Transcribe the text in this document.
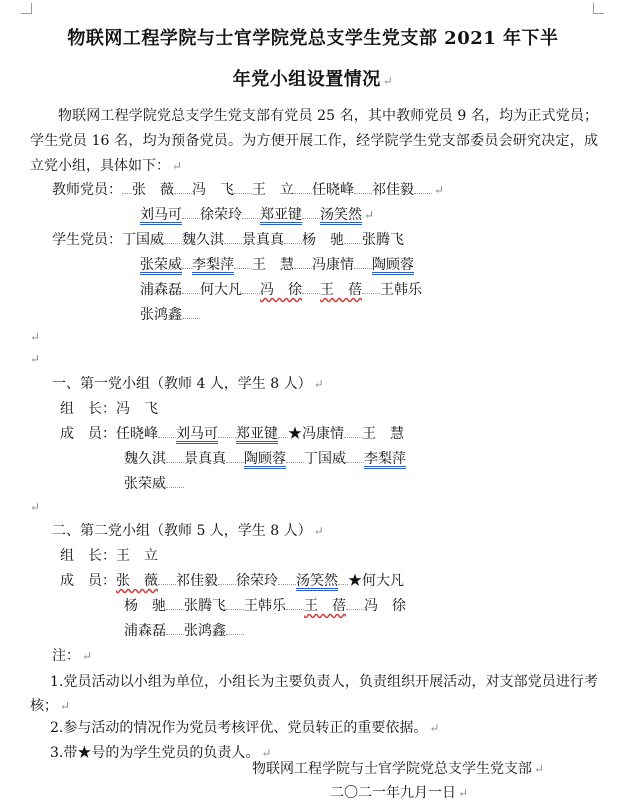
物联网工程学院与士官学院党总支学生党支部 2021 年下半
年党小组设置情况 ↵
物联网工程学院党总支学生党支部有党员 25 名，其中教师党员 9 名，均为正式党员；学生党员 16 名，均为预备党员。为方便开展工作，经学院学生党支部委员会研究决定，成立党小组，具体如下： ↵
教师党员： 张　薇 冯　飞 王　立 任晓峰 祁佳毅 ↵
刘马可 徐荣玲 郑亚键 汤笑然 ↵
学生党员：丁国威 魏久淇 景真真 杨　驰 张腾飞
张荣威 李梨萍 王　慧 冯康情 陶顾蓉
浦森磊 何大凡 冯　徐 王　蓓 王韩乐
张鸿鑫
↵
↵
一、第一党小组（教师 4 人，学生 8 人） ↵
组　长：冯　飞
成　员：任晓峰 刘马可 郑亚键 ★冯康情 王　慧
魏久淇 景真真 陶顾蓉 丁国威 李梨萍
张荣威
↵
二、第二党小组（教师 5 人，学生 8 人） ↵
组　长：王　立
成　员：张　薇 祁佳毅 徐荣玲 汤笑然 ★何大凡
杨　驰 张腾飞 王韩乐 王　蓓 冯　徐
浦森磊 张鸿鑫
注： ↵
1.党员活动以小组为单位，小组长为主要负责人，负责组织开展活动，对支部党员进行考核； ↵
2.参与活动的情况作为党员考核评优、党员转正的重要依据。 ↵
3.带★号的为学生党员的负责人。 ↵
物联网工程学院与士官学院党总支学生党支部 ↵
二〇二一年九月一日 ↵
